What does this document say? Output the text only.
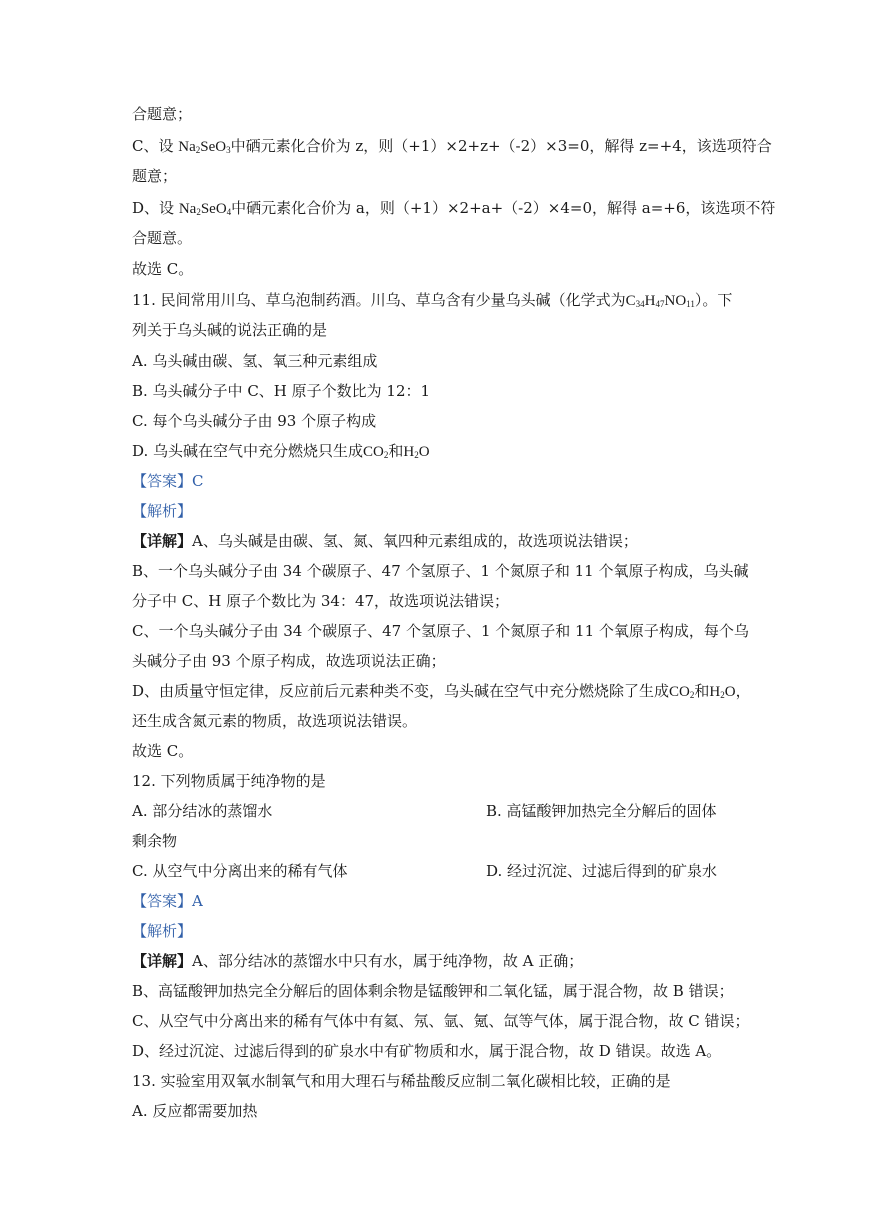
合题意；
C、设 $Na_2SeO_3$中硒元素化合价为 z，则（+1）×2+z+（-2）×3=0，解得 z=+4，该选项符合
题意；
D、设 $Na_2SeO_4$中硒元素化合价为 a，则（+1）×2+a+（-2）×4=0，解得 a=+6，该选项不符
合题意。
故选 C。
11. 民间常用川乌、草乌泡制药酒。川乌、草乌含有少量乌头碱（化学式为$C_{34}H_{47}NO_{11}$）。下
列关于乌头碱的说法正确的是
A. 乌头碱由碳、氢、氧三种元素组成
B. 乌头碱分子中 C、H 原子个数比为 12：1
C. 每个乌头碱分子由 93 个原子构成
D. 乌头碱在空气中充分燃烧只生成$CO_2$和$H_2O$
【答案】C
【解析】
【详解】A、乌头碱是由碳、氢、氮、氧四种元素组成的，故选项说法错误；
B、一个乌头碱分子由 34 个碳原子、47 个氢原子、1 个氮原子和 11 个氧原子构成，乌头碱
分子中 C、H 原子个数比为 34：47，故选项说法错误；
C、一个乌头碱分子由 34 个碳原子、47 个氢原子、1 个氮原子和 11 个氧原子构成，每个乌
头碱分子由 93 个原子构成，故选项说法正确；
D、由质量守恒定律，反应前后元素种类不变，乌头碱在空气中充分燃烧除了生成$CO_2$和$H_2O$，
还生成含氮元素的物质，故选项说法错误。
故选 C。
12. 下列物质属于纯净物的是
A. 部分结冰的蒸馏水	B. 高锰酸钾加热完全分解后的固体
剩余物
C. 从空气中分离出来的稀有气体	D. 经过沉淀、过滤后得到的矿泉水
【答案】A
【解析】
【详解】A、部分结冰的蒸馏水中只有水，属于纯净物，故 A 正确；
B、高锰酸钾加热完全分解后的固体剩余物是锰酸钾和二氧化锰，属于混合物，故 B 错误；
C、从空气中分离出来的稀有气体中有氦、氖、氩、氪、氙等气体，属于混合物，故 C 错误；
D、经过沉淀、过滤后得到的矿泉水中有矿物质和水，属于混合物，故 D 错误。故选 A。
13. 实验室用双氧水制氧气和用大理石与稀盐酸反应制二氧化碳相比较，正确的是
A. 反应都需要加热
